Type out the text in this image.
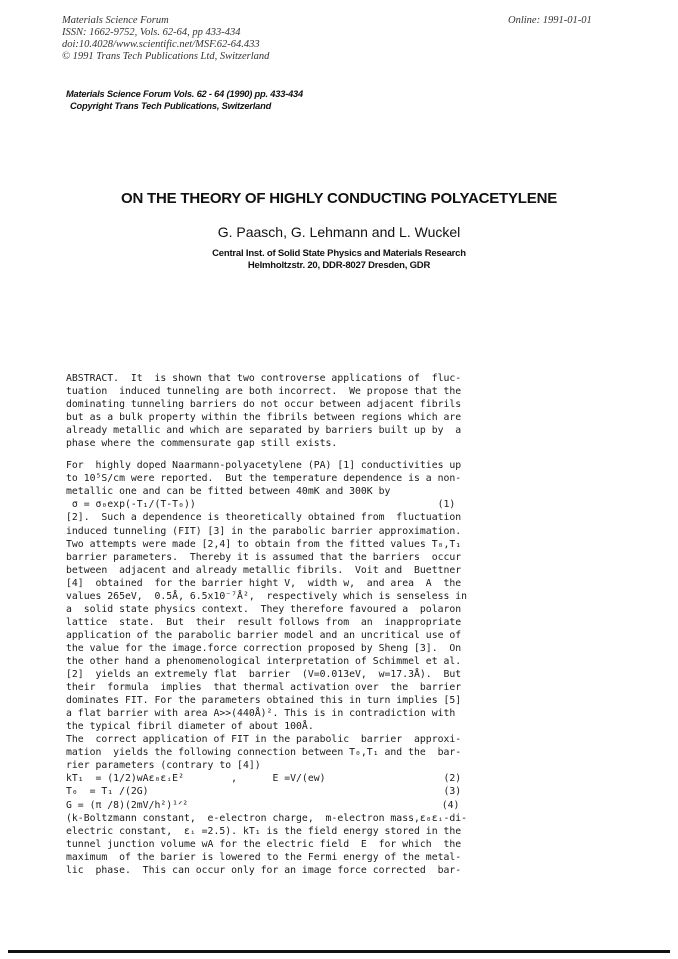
Materials Science Forum
ISSN: 1662-9752, Vols. 62-64, pp 433-434
doi:10.4028/www.scientific.net/MSF.62-64.433
© 1991 Trans Tech Publications Ltd, Switzerland
Online: 1991-01-01
Materials Science Forum Vols. 62 - 64 (1990) pp. 433-434
Copyright Trans Tech Publications, Switzerland
ON THE THEORY OF HIGHLY CONDUCTING POLYACETYLENE
G. Paasch, G. Lehmann and L. Wuckel
Central Inst. of Solid State Physics and Materials Research
Helmholtzstr. 20, DDR-8027 Dresden, GDR
ABSTRACT.  It  is shown that two controverse applications of  fluc-
tuation  induced tunneling are both incorrect.  We propose that the
dominating tunneling barriers do not occur between adjacent fibrils
but as a bulk property within the fibrils between regions which are
already metallic and which are separated by barriers built up by  a
phase where the commensurate gap still exists.
For  highly doped Naarmann-polyacetylene (PA) [1] conductivities up
to 10⁵S/cm were reported.  But the temperature dependence is a non-
metallic one and can be fitted between 40mK and 300K by
σ = σ₀exp(-T₁/(T-T₀))                                         (1)
[2].  Such a dependence is theoretically obtained from  fluctuation
induced tunneling (FIT) [3] in the parabolic barrier approximation.
Two attempts were made [2,4] to obtain from the fitted values T₀,T₁
barrier parameters.  Thereby it is assumed that the barriers  occur
between  adjacent and already metallic fibrils.  Voit and  Buettner
[4]  obtained  for the barrier hight V,  width w,  and area  A  the
values 265eV,  0.5Å, 6.5x10⁻⁷Å²,  respectively which is senseless in
a  solid state physics context.  They therefore favoured a  polaron
lattice  state.  But  their  result follows from  an  inappropriate
application of the parabolic barrier model and an uncritical use of
the value for the image.force correction proposed by Sheng [3].  On
the other hand a phenomenological interpretation of Schimmel et al.
[2]  yields an extremely flat  barrier  (V=0.013eV,  w=17.3Å).  But
their  formula  implies  that thermal activation over  the  barrier
dominates FIT. For the parameters obtained this in turn implies [5]
a flat barrier with area A>>(440Å)². This is in contradiction with
the typical fibril diameter of about 100Å.
The  correct application of FIT in the parabolic  barrier  approxi-
mation  yields the following connection between T₀,T₁ and the  bar-
rier parameters (contrary to [4])
kT₁  = (1/2)wAε₀εᵢE²        ,      E =V/(ew)                    (2)
T₀  = T₁ /(2G)                                                  (3)
G = (π /8)(2mV/h²)¹ᐟ²                                           (4)
(k-Boltzmann constant,  e-electron charge,  m-electron mass,ε₀εᵢ-di-
electric constant,  εᵢ =2.5). kT₁ is the field energy stored in the
tunnel junction volume wA for the electric field  E  for which  the
maximum  of the barier is lowered to the Fermi energy of the metal-
lic  phase.  This can occur only for an image force corrected  bar-
